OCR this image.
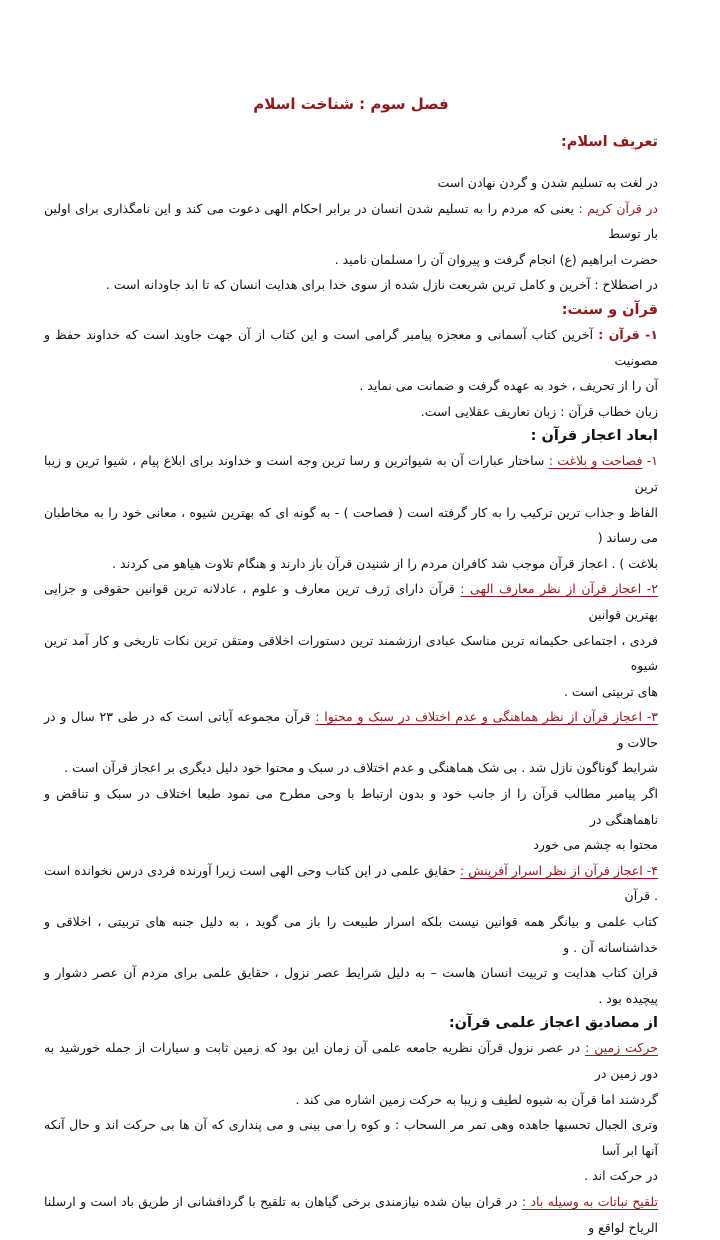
فصل سوم : شناخت اسلام
تعریف اسلام:
در لغت به تسلیم شدن و گردن نهادن است
در قرآن کریم : یعنی که مردم را به تسلیم شدن انسان در برابر احکام الهی دعوت می کند و این نامگذاری برای اولین بار توسط
حضرت ابراهیم (ع) انجام گرفت و پیروان آن را مسلمان نامید .
در اصطلاح : آخرین و کامل ترین شریعت نازل شده از سوی خدا برای هدایت انسان که تا ابد جاودانه است .
قرآن و سنت:
۱- قرآن : آخرین کتاب آسمانی و معجزه پیامبر گرامی است و این کتاب از آن جهت جاوید است که خداوند حفظ و مصونیت
آن را از تحریف ، خود به عهده گرفت و ضمانت می نماید .
زبان خطاب قرآن : زبان تعاریف عقلایی است.
ابعاد اعجاز قرآن :
۱- فصاحت و بلاغت : ساختار عبارات آن به شیواترین و رسا ترین وجه است و خداوند برای ابلاغ پیام ، شیوا ترین و زیبا ترین
الفاظ و جذاب ترین ترکیب را به کار گرفته است ( فصاحت ) - به گونه ای که بهترین شیوه ، معانی خود را به مخاطبان می رساند (
بلاغت ) . اعجاز قرآن موجب شد کافران مردم را از شنیدن قرآن باز دارند و هنگام تلاوت هیاهو می کردند .
۲- اعجاز قرآن از نظر معارف الهی : قرآن دارای ژرف ترین معارف و علوم ، عادلانه ترین قوانین حقوقی و جزایی بهترین قوانین
فردی ، اجتماعی حکیمانه ترین مناسک عبادی ارزشمند ترین دستورات اخلاقی ومتقن ترین نکات تاریخی و کار آمد ترین شیوه
های تربیتی است .
۳- اعجاز قرآن از نظر هماهنگی و عدم اختلاف در سبک و محتوا : قرآن مجموعه آیاتی است که در طی ۲۳ سال و در حالات و
شرایط گوناگون نازل شد . بی شک هماهنگی و عدم اختلاف در سبک و محتوا خود دلیل دیگری بر اعجاز قرآن است .
اگر پیامبر مطالب قرآن را از جانب خود و بدون ارتباط با وحی مطرح می نمود طبعا اختلاف در سبک و تناقض و ناهماهنگی در
محتوا به چشم می خورد
۴- اعجاز قرآن از نظر اسرار آفرینش : حقایق علمی در این کتاب وحی الهی است زیرا آورنده فردی درس نخوانده است . قرآن
کتاب علمی و بیانگر همه قوانین نیست بلکه اسرار طبیعت را باز می گوید ، به دلیل جنبه های تربیتی ، اخلاقی و خداشناسانه آن . و
قران کتاب هدایت و تربیت انسان هاست – به دلیل شرایط عصر نزول ، حقایق علمی برای مردم آن عصر دشوار و پیچیده بود .
از مصادیق اعجاز علمی قرآن:
حرکت زمین : در عصر نزول قرآن نظریه جامعه علمی آن زمان این بود که زمین ثابت و سیارات از جمله خورشید به دور زمین در
گردشند اما قرآن به شیوه لطیف و زیبا به حرکت زمین اشاره می کند .
وتری الجبال تحسبها جاهده وهی تمر مر السحاب : و کوه را می بینی و می پنداری که آن ها بی حرکت اند و حال آنکه آنها ابر آسا
در حرکت اند .
تلقیح نباتات به وسیله باد : در قران بیان شده نیازمندی برخی گیاهان به تلقیح با گردافشانی از طریق باد است و ارسلنا الریاح لواقع و
